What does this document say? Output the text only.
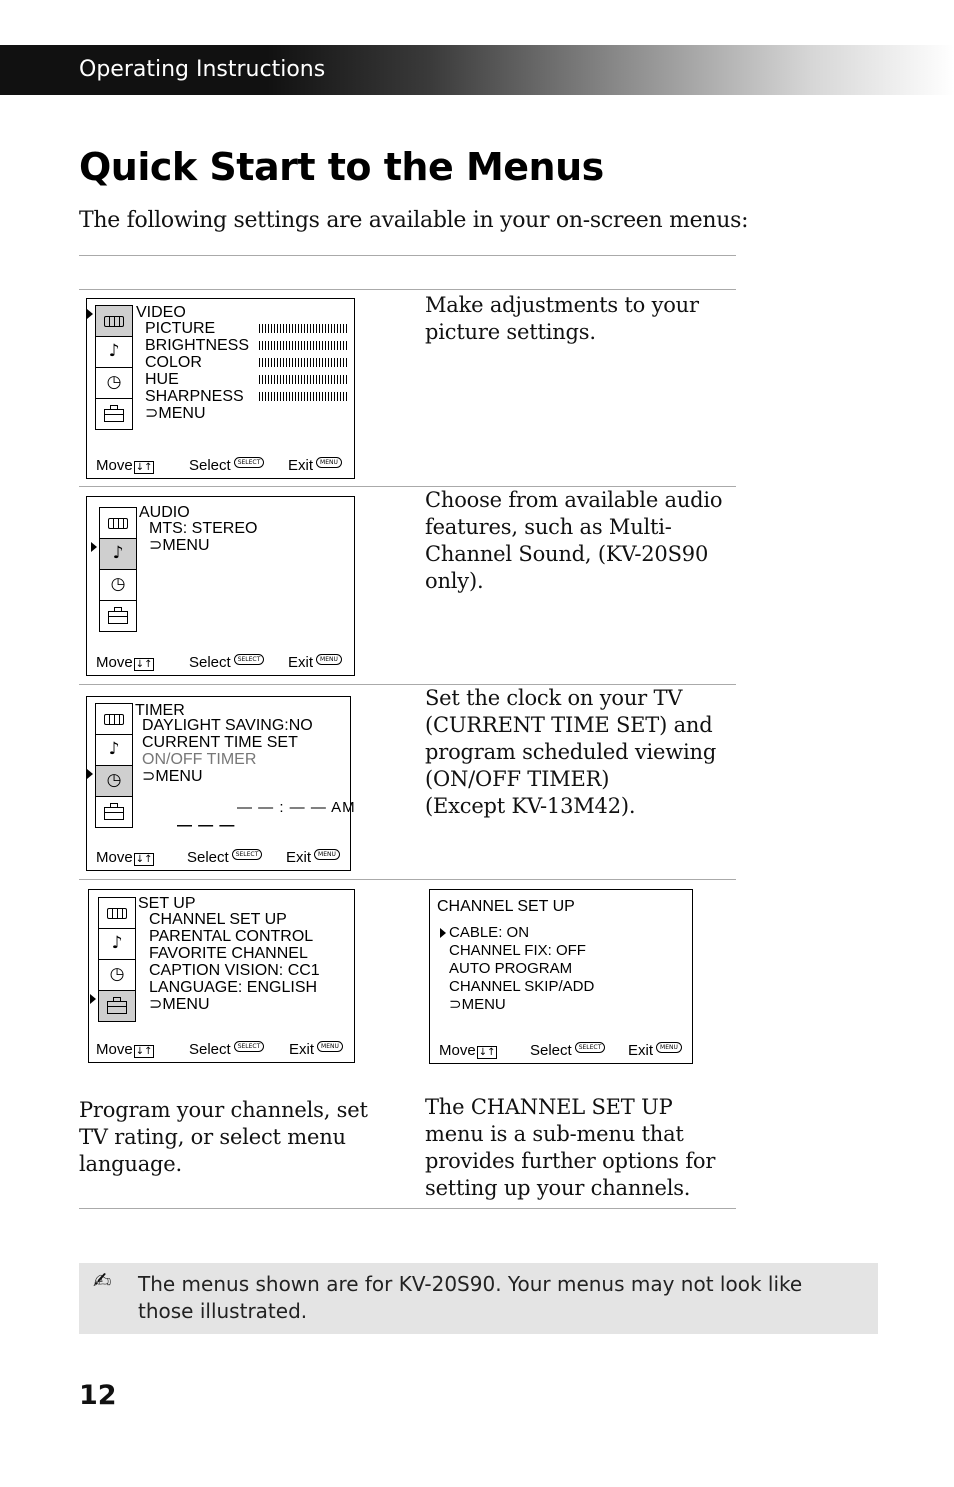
Operating Instructions
Quick Start to the Menus
The following settings are available in your on-screen menus:
♪
◷
VIDEO
PICTURE
BRIGHTNESS
COLOR
HUE
SHARPNESS
⊃MENU
Move ↓↑ Select	SELECT Exit	MENU
Make adjustments to your
picture settings.
♪
◷
AUDIO
MTS: STEREO
⊃MENU
Move ↓↑ Select	SELECT Exit	MENU
Choose from available audio
features, such as Multi-
Channel Sound, (KV-20S90
only).
♪
◷
TIMER
DAYLIGHT SAVING:NO
CURRENT TIME SET
ON/OFF TIMER
⊃MENU
— — : — — AM
— — —
Move ↓↑ Select	SELECT Exit	MENU
Set the clock on your TV
(CURRENT TIME SET) and
program scheduled viewing
(ON/OFF TIMER)
(Except KV-13M42).
♪
◷
SET UP
CHANNEL SET UP
PARENTAL CONTROL
FAVORITE CHANNEL
CAPTION VISION: CC1
LANGUAGE: ENGLISH
⊃MENU
Move ↓↑ Select	SELECT Exit	MENU
Program your channels, set
TV rating, or select menu
language.
CHANNEL SET UP
CABLE: ON
CHANNEL FIX: OFF
AUTO PROGRAM
CHANNEL SKIP/ADD
⊃MENU
Move ↓↑ Select	SELECT Exit	MENU
The CHANNEL SET UP
menu is a sub-menu that
provides further options for
setting up your channels.
✍ The menus shown are for KV-20S90. Your menus may not look like those illustrated.
12
